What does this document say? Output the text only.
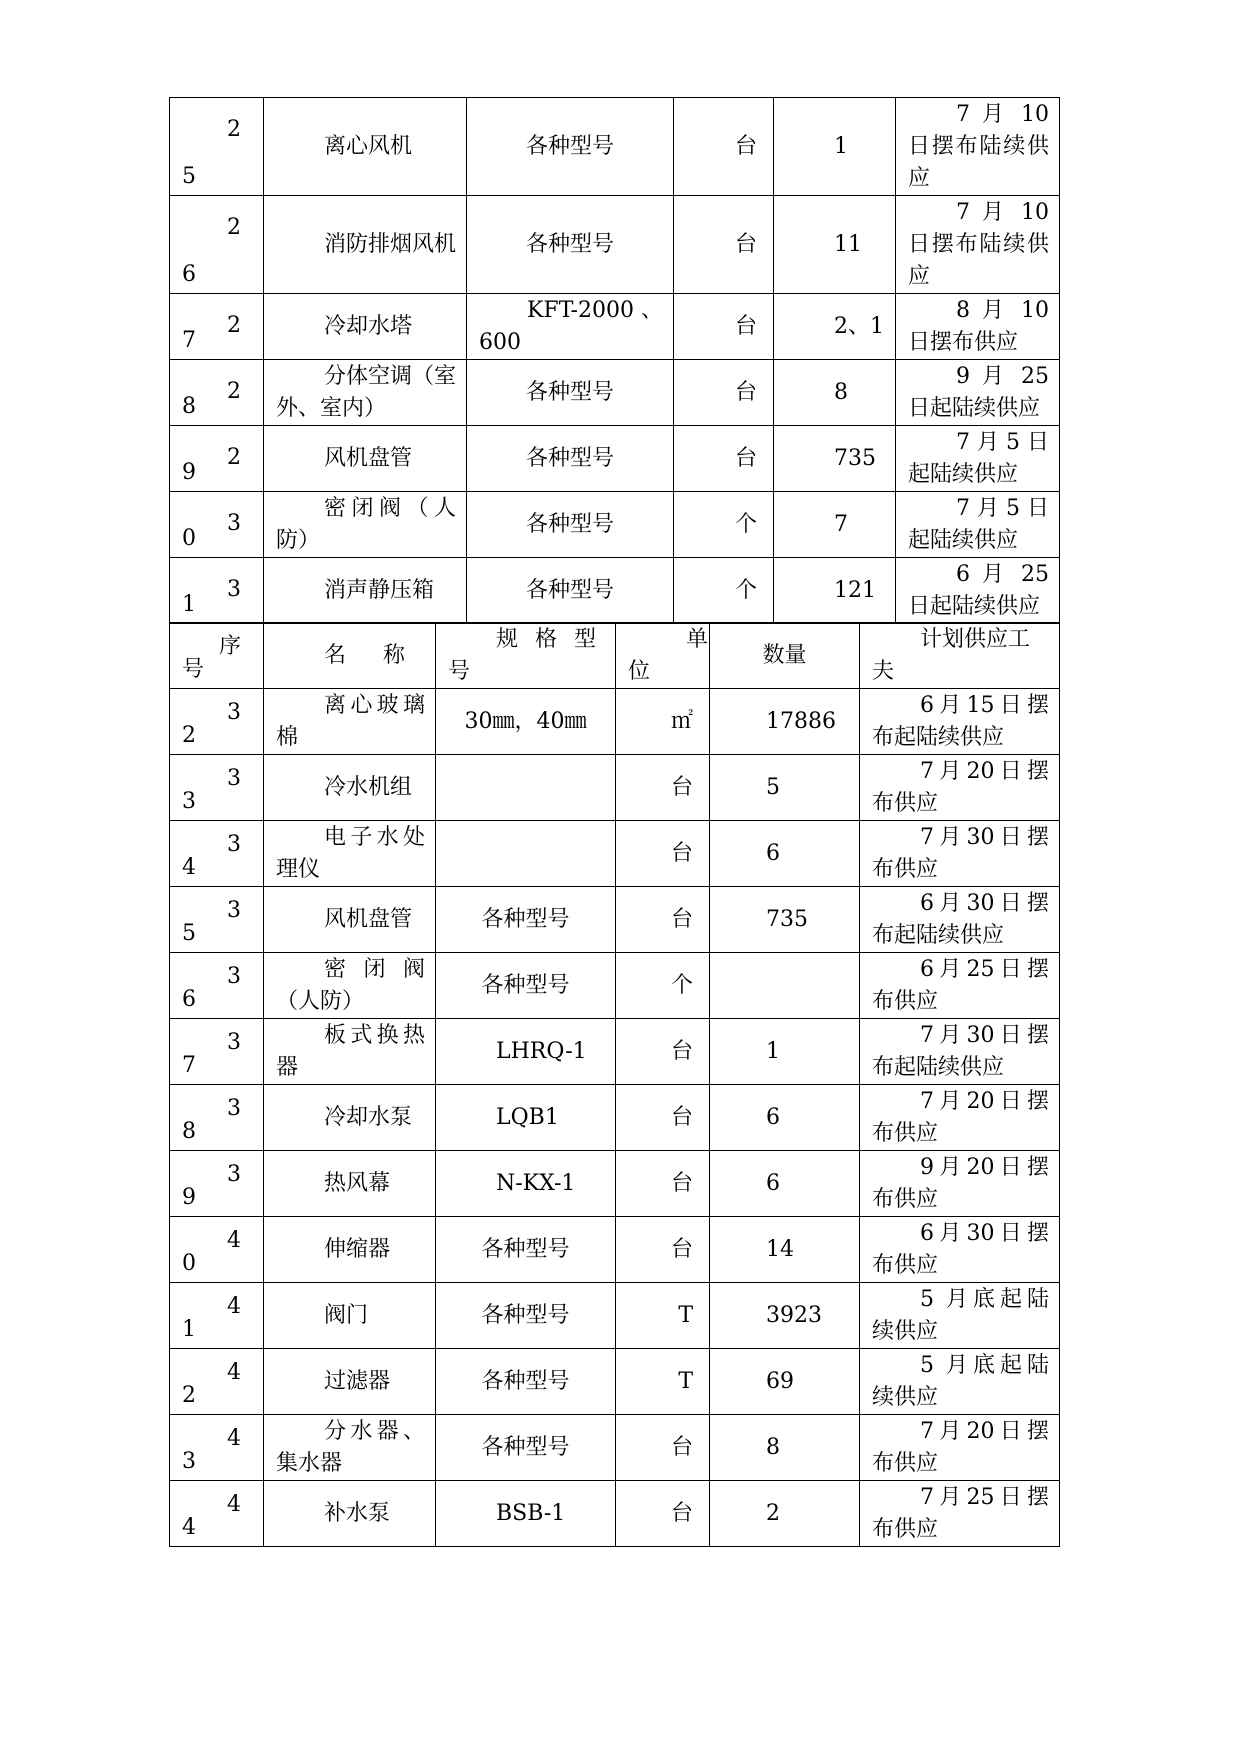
2
5	离心风机	各种型号	台	1	7 月 10 日摆布陆续供应

2
6	消防排烟风机	各种型号	台	11	7 月 10 日摆布陆续供应

2
7	冷却水塔	KFT-2000 、600	台	2、1	8 月 10 日摆布供应

2
8	分体空调（室外、室内）	各种型号	台	8	9 月 25 日起陆续供应

2
9	风机盘管	各种型号	台	735	7月5日起陆续供应

3
0	密闭阀（人防）	各种型号	个	7	7月5日起陆续供应

3
1	消声静压箱	各种型号	个	121	6 月 25 日起陆续供应
序
号	名 称	规 格 型号	单位	数量	计划供应工夫

3
2	离心玻璃棉	30㎜，40㎜	㎡	17886	6月15日摆布起陆续供应

3
3	冷水机组		台	5	7月20日摆布供应

3
4	电子水处理仪		台	6	7月30日摆布供应

3
5	风机盘管	各种型号	台	735	6月30日摆布起陆续供应

3
6	密 闭 阀（人防）	各种型号	个		6月25日摆布供应

3
7	板式换热器	LHRQ-1	台	1	7月30日摆布起陆续供应

3
8	冷却水泵	LQB1	台	6	7月20日摆布供应

3
9	热风幕	N-KX-1	台	6	9月20日摆布供应

4
0	伸缩器	各种型号	台	14	6月30日摆布供应

4
1	阀门	各种型号	T	3923	5 月底起陆续供应

4
2	过滤器	各种型号	T	69	5 月底起陆续供应

4
3	分水器、集水器	各种型号	台	8	7月20日摆布供应

4
4	补水泵	BSB-1	台	2	7月25日摆布供应
